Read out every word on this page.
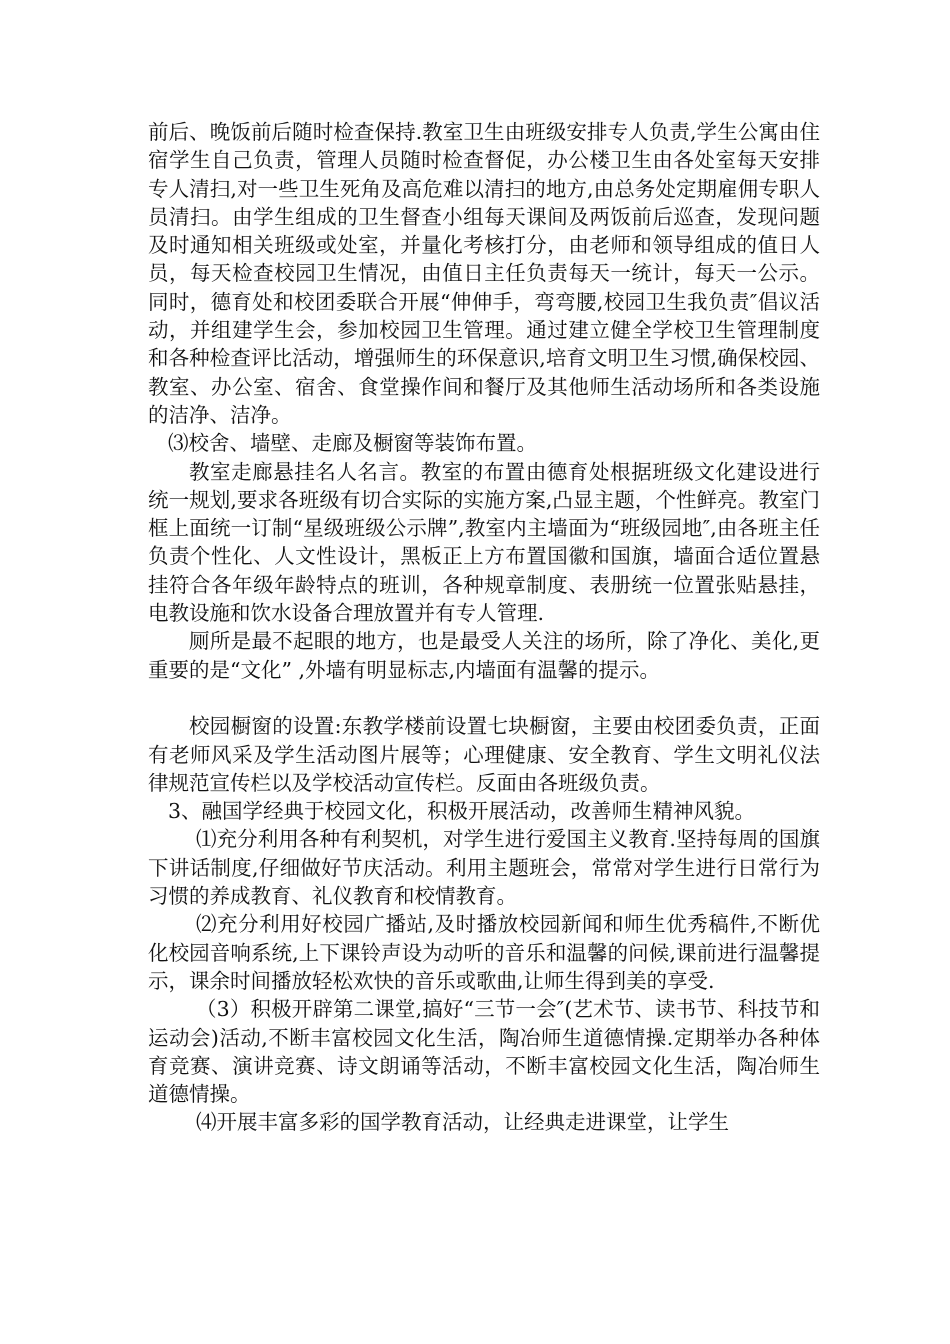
前后、晚饭前后随时检查保持.教室卫生由班级安排专人负责,学生公寓由住宿学生自己负责，管理人员随时检查督促，办公楼卫生由各处室每天安排专人清扫,对一些卫生死角及高危难以清扫的地方,由总务处定期雇佣专职人员清扫。由学生组成的卫生督查小组每天课间及两饭前后巡查，发现问题及时通知相关班级或处室，并量化考核打分，由老师和领导组成的值日人员，每天检查校园卫生情况，由值日主任负责每天一统计，每天一公示。同时，德育处和校团委联合开展“伸伸手，弯弯腰,校园卫生我负责″倡议活动，并组建学生会，参加校园卫生管理。通过建立健全学校卫生管理制度和各种检查评比活动，增强师生的环保意识,培育文明卫生习惯,确保校园、教室、办公室、宿舍、食堂操作间和餐厅及其他师生活动场所和各类设施的洁净、洁净。

⑶校舍、墙壁、走廊及橱窗等装饰布置。

教室走廊悬挂名人名言。教室的布置由德育处根据班级文化建设进行统一规划,要求各班级有切合实际的实施方案,凸显主题，个性鲜亮。教室门框上面统一订制“星级班级公示牌”,教室内主墙面为“班级园地″,由各班主任负责个性化、人文性设计，黑板正上方布置国徽和国旗，墙面合适位置悬挂符合各年级年龄特点的班训，各种规章制度、表册统一位置张贴悬挂，电教设施和饮水设备合理放置并有专人管理.

厕所是最不起眼的地方，也是最受人关注的场所，除了净化、美化,更重要的是“文化” ,外墙有明显标志,内墙面有温馨的提示。

校园橱窗的设置:东教学楼前设置七块橱窗，主要由校团委负责，正面有老师风采及学生活动图片展等；心理健康、安全教育、学生文明礼仪法律规范宣传栏以及学校活动宣传栏。反面由各班级负责。

3、融国学经典于校园文化，积极开展活动，改善师生精神风貌。

⑴充分利用各种有利契机，对学生进行爱国主义教育.坚持每周的国旗下讲话制度,仔细做好节庆活动。利用主题班会，常常对学生进行日常行为习惯的养成教育、礼仪教育和校情教育。

⑵充分利用好校园广播站,及时播放校园新闻和师生优秀稿件,不断优化校园音响系统,上下课铃声设为动听的音乐和温馨的问候,课前进行温馨提示，课余时间播放轻松欢快的音乐或歌曲,让师生得到美的享受.

（3）积极开辟第二课堂,搞好“三节一会″(艺术节、读书节、科技节和运动会)活动,不断丰富校园文化生活，陶冶师生道德情操.定期举办各种体育竞赛、演讲竞赛、诗文朗诵等活动，不断丰富校园文化生活，陶冶师生道德情操。

⑷开展丰富多彩的国学教育活动，让经典走进课堂，让学生
